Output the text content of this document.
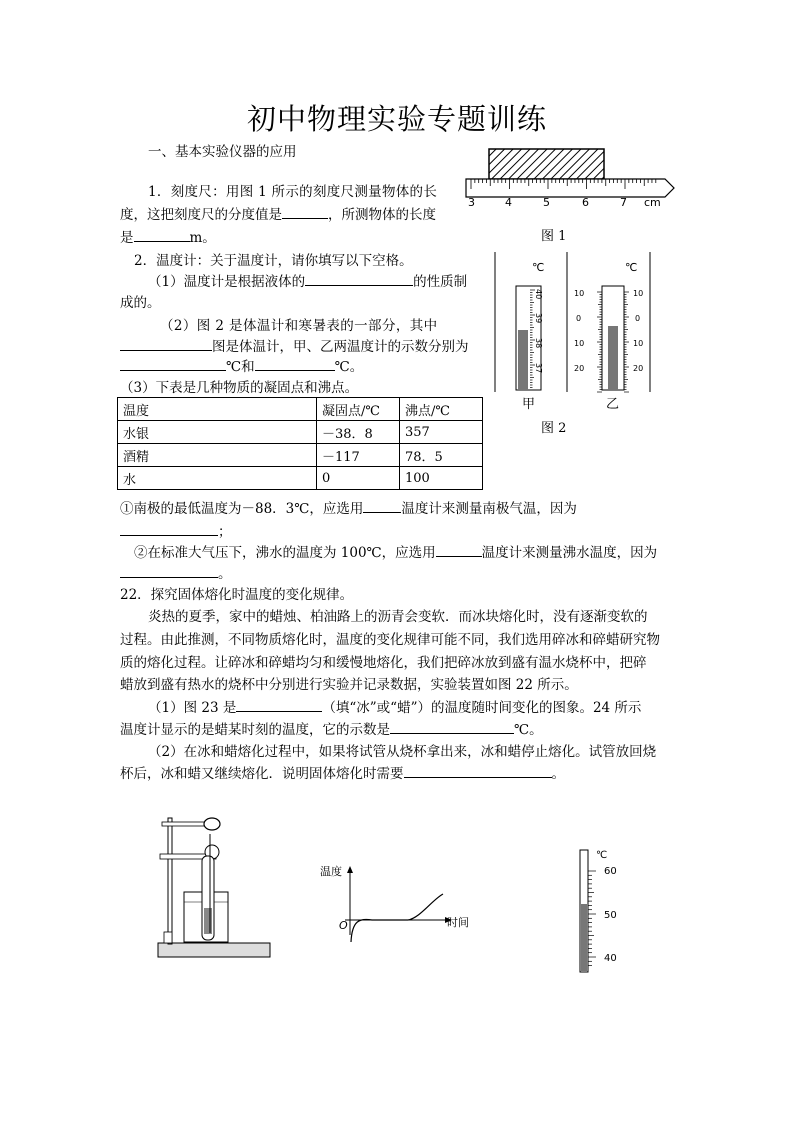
初中物理实验专题训练
一、基本实验仪器的应用
1．刻度尺：用图 1 所示的刻度尺测量物体的长
度，这把刻度尺的分度值是	，所测物体的长度
是	m。
3	4	5	6	7 cm
图 1
2．温度计：关于温度计，请你填写以下空格。
（1）温度计是根据液体的	的性质制
成的。
（2）图 2 是体温计和寒暑表的一部分，其中
图是体温计，甲、乙两温度计的示数分别为
℃和	℃。
（3）下表是几种物质的凝固点和沸点。
℃	℃
40
39
38
37
10
0
10
20
10
0
10
20
甲	乙
图 2
温度	凝固点/℃	沸点/℃
水银	－38．8	357
酒精	－117	78．5
水	0	100
①南极的最低温度为－88．3℃，应选用	温度计来测量南极气温，因为
；
②在标准大气压下，沸水的温度为 100℃，应选用	温度计来测量沸水温度，因为
。
22．探究固体熔化时温度的变化规律。
炎热的夏季，家中的蜡烛、柏油路上的沥青会变软．而冰块熔化时，没有逐渐变软的
过程。由此推测，不同物质熔化时，温度的变化规律可能不同，我们选用碎冰和碎蜡研究物
质的熔化过程。让碎冰和碎蜡均匀和缓慢地熔化，我们把碎冰放到盛有温水烧杯中，把碎
蜡放到盛有热水的烧杯中分别进行实验并记录数据，实验装置如图 22 所示。
（1）图 23 是	（填“冰”或“蜡”）的温度随时间变化的图象。24 所示
温度计显示的是蜡某时刻的温度，它的示数是	℃。
（2）在冰和蜡熔化过程中，如果将试管从烧杯拿出来，冰和蜡停止熔化。试管放回烧
杯后，冰和蜡又继续熔化．说明固体熔化时需要	。
温度
时间
O
℃
60
50
40
